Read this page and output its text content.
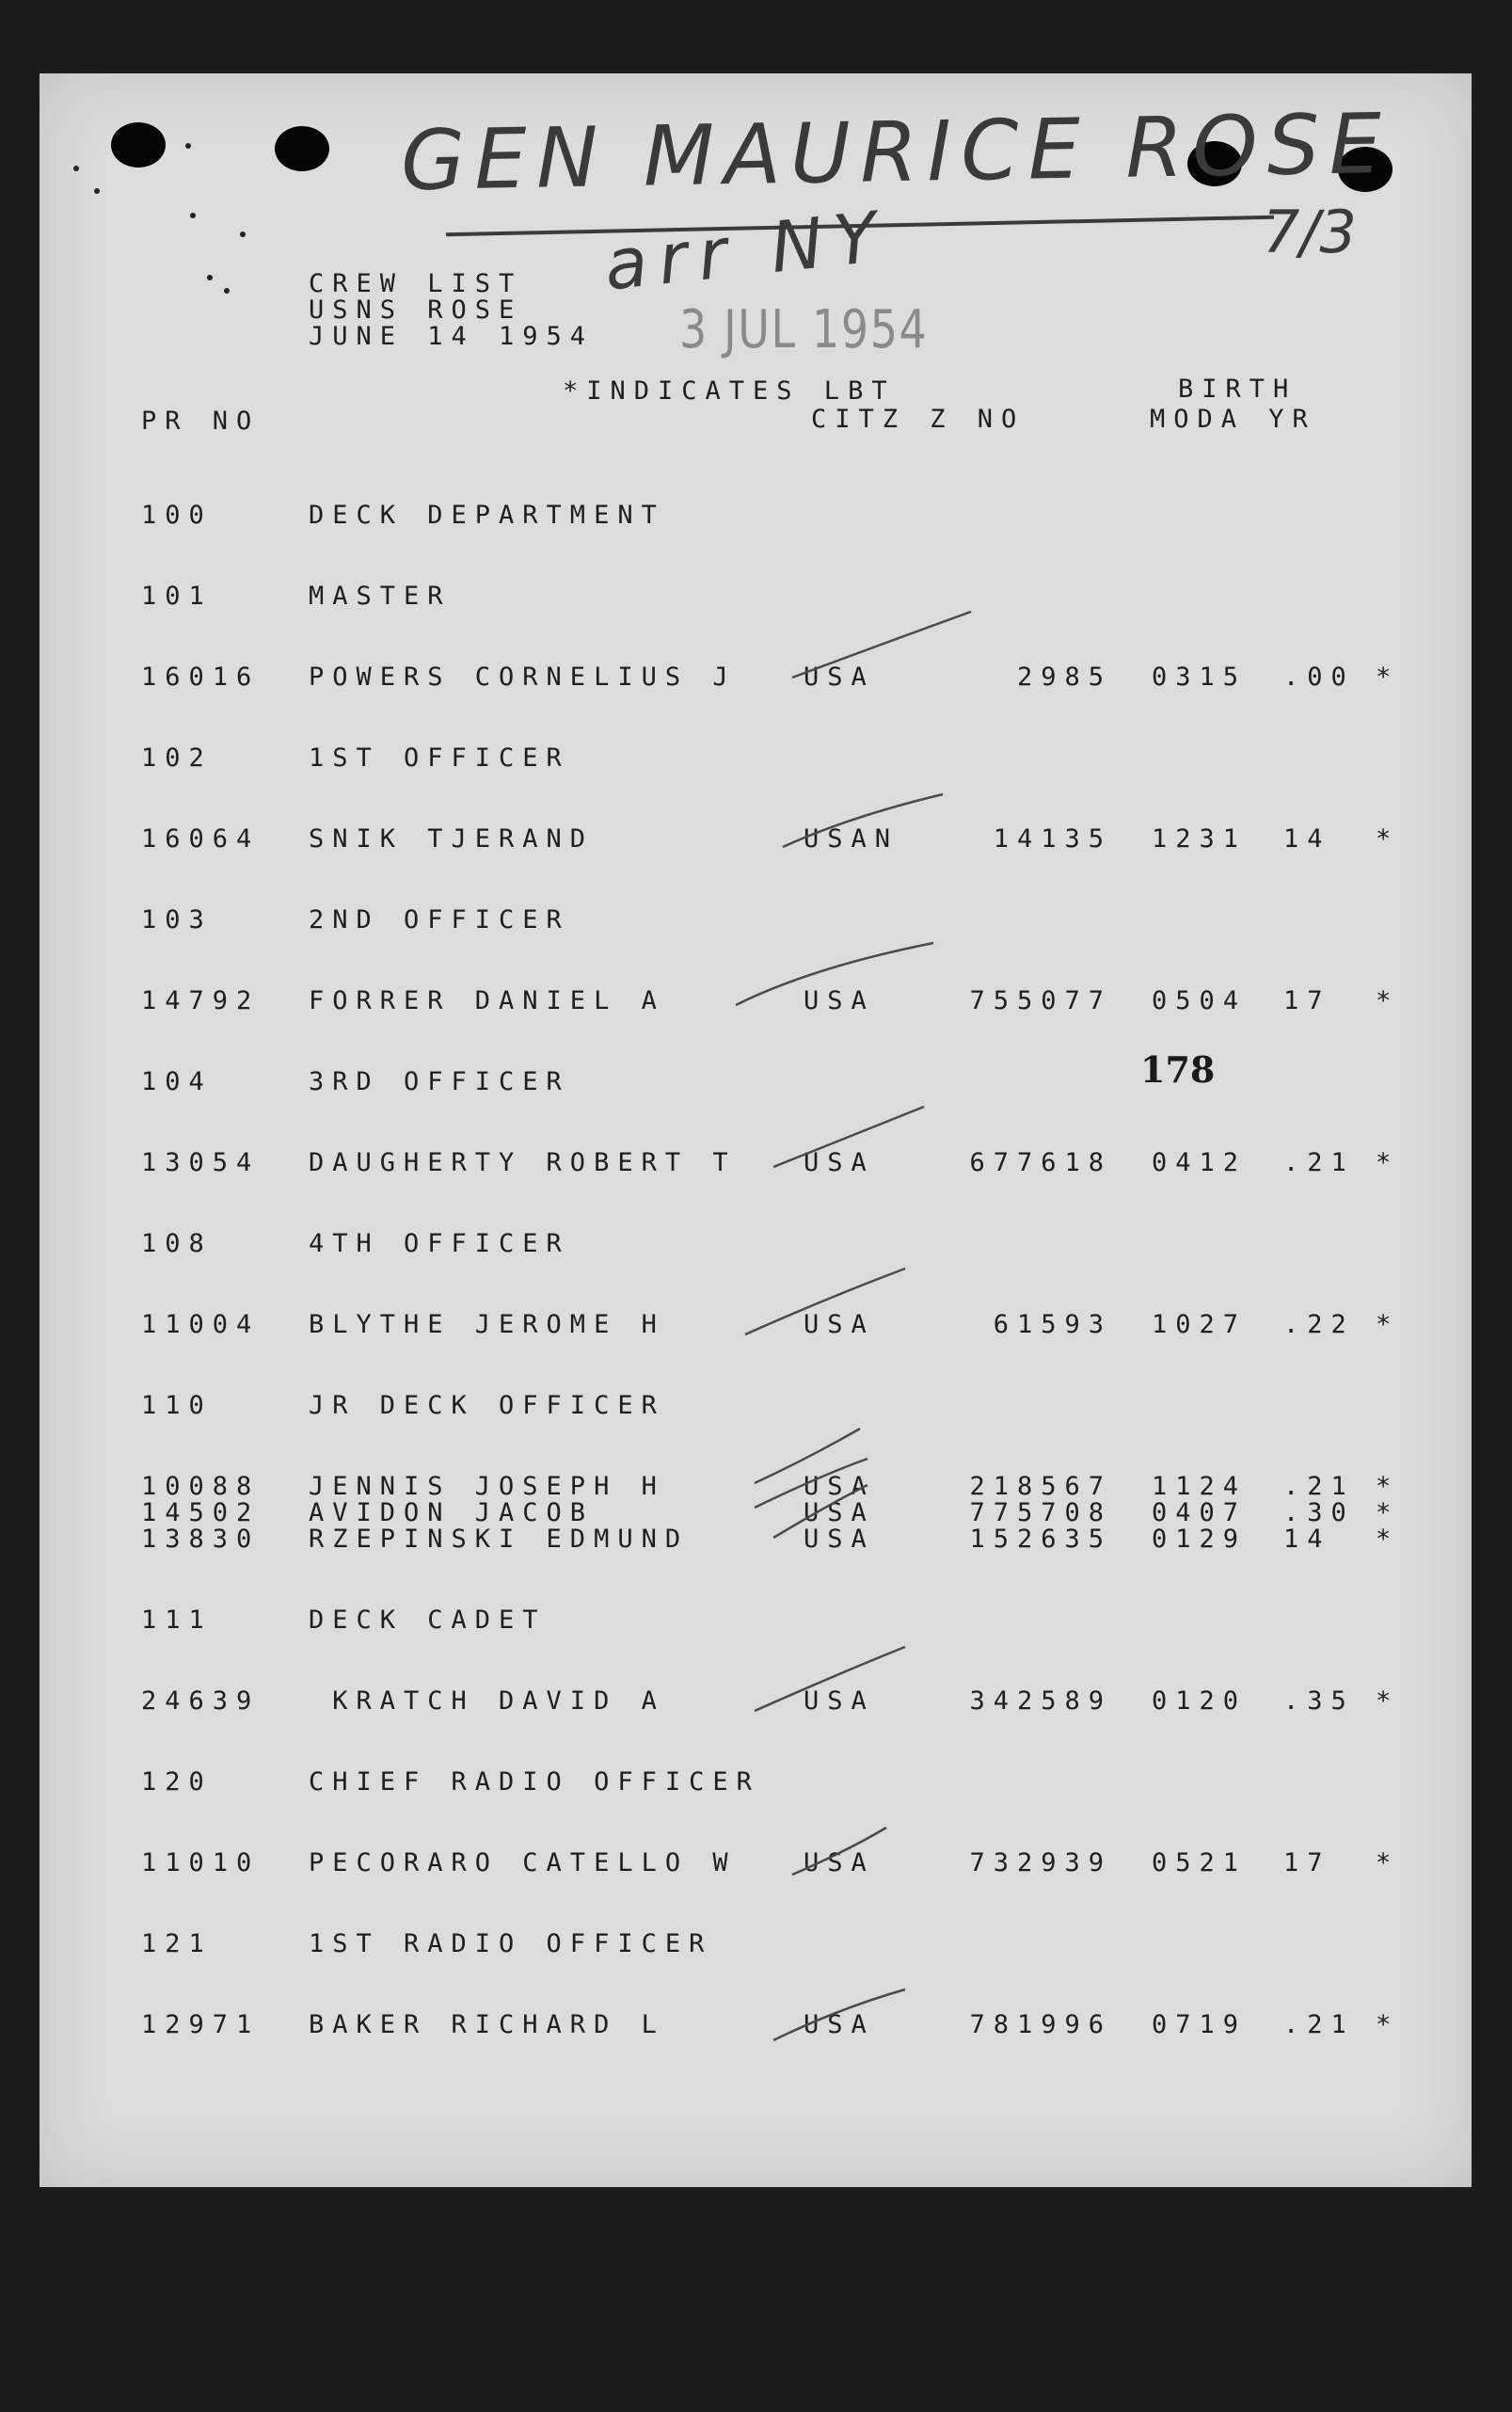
GEN MAURICE ROSE
arr NY	7/3
CREW LIST
USNS ROSE
JUNE 14 1954 3 JUL 1954
*INDICATES LBT	BIRTH
PR NO	CITZ Z NO	MODA YR
178
100	DECK DEPARTMENT
101	MASTER
16016 POWERS CORNELIUS J	USA	2985 0315 .00 *
102	1ST OFFICER
16064 SNIK TJERAND	USAN	14135 1231 14 *
103	2ND OFFICER
14792 FORRER DANIEL A	USA	755077 0504 17 *
104	3RD OFFICER
13054 DAUGHERTY ROBERT T	USA	677618 0412 .21 *
108	4TH OFFICER
11004 BLYTHE JEROME H	USA	61593 1027 .22 *
110	JR DECK OFFICER
10088 JENNIS JOSEPH H	USA	218567 1124 .21 *
14502 AVIDON JACOB	USA	775708 0407 .30 *
13830 RZEPINSKI EDMUND	USA	152635 0129 14 *
111	DECK CADET
24639 KRATCH DAVID A	USA	342589 0120 .35 *
120	CHIEF RADIO OFFICER
11010 PECORARO CATELLO W	USA	732939 0521 17 *
121	1ST RADIO OFFICER
12971 BAKER RICHARD L	USA	781996 0719 .21 *
